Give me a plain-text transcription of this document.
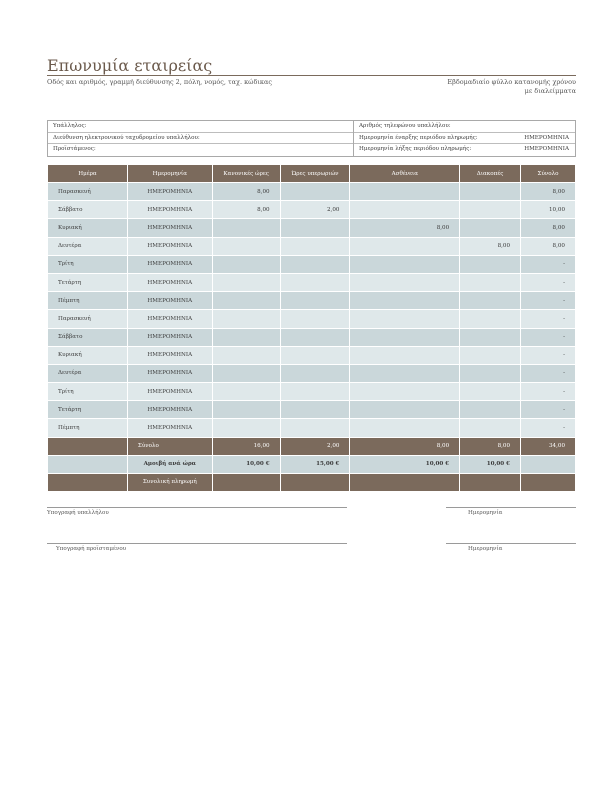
Επωνυμία εταιρείας
Οδός και αριθμός, γραμμή διεύθυνσης 2, πόλη, νομός, ταχ. κώδικας	Εβδομαδιαίο φύλλο κατανομής χρόνου
με διαλείμματα
Υπάλληλος:
Διεύθυνση ηλεκτρονικού ταχυδρομείου υπαλλήλου:
Προϊστάμενος:
Αριθμός τηλεφώνου υπαλλήλου:
Ημερομηνία έναρξης περιόδου πληρωμής:	ΗΜΕΡΟΜΗΝΙΑ
Ημερομηνία λήξης περιόδου πληρωμής:	ΗΜΕΡΟΜΗΝΙΑ
Ημέρα	Ημερομηνία	Κανονικές ώρες	Ώρες υπερωριών	Ασθένεια	Διακοπές	Σύνολο
Παρασκευή	ΗΜΕΡΟΜΗΝΙΑ	8,00				8,00
Σάββατο	ΗΜΕΡΟΜΗΝΙΑ	8,00	2,00			10,00
Κυριακή	ΗΜΕΡΟΜΗΝΙΑ			8,00		8,00
Δευτέρα	ΗΜΕΡΟΜΗΝΙΑ				8,00	8,00
Τρίτη	ΗΜΕΡΟΜΗΝΙΑ					-
Τετάρτη	ΗΜΕΡΟΜΗΝΙΑ					-
Πέμπτη	ΗΜΕΡΟΜΗΝΙΑ					-
Παρασκευή	ΗΜΕΡΟΜΗΝΙΑ					-
Σάββατο	ΗΜΕΡΟΜΗΝΙΑ					-
Κυριακή	ΗΜΕΡΟΜΗΝΙΑ					-
Δευτέρα	ΗΜΕΡΟΜΗΝΙΑ					-
Τρίτη	ΗΜΕΡΟΜΗΝΙΑ					-
Τετάρτη	ΗΜΕΡΟΜΗΝΙΑ					-
Πέμπτη	ΗΜΕΡΟΜΗΝΙΑ					-
	Σύνολο	16,00	2,00	8,00	8,00	34,00
	Αμοιβή ανά ώρα	10,00 €	15,00 €	10,00 €	10,00 €	
	Συνολική πληρωμή					
Υπογραφή υπαλλήλου	Ημερομηνία
Υπογραφή προϊσταμένου	Ημερομηνία
